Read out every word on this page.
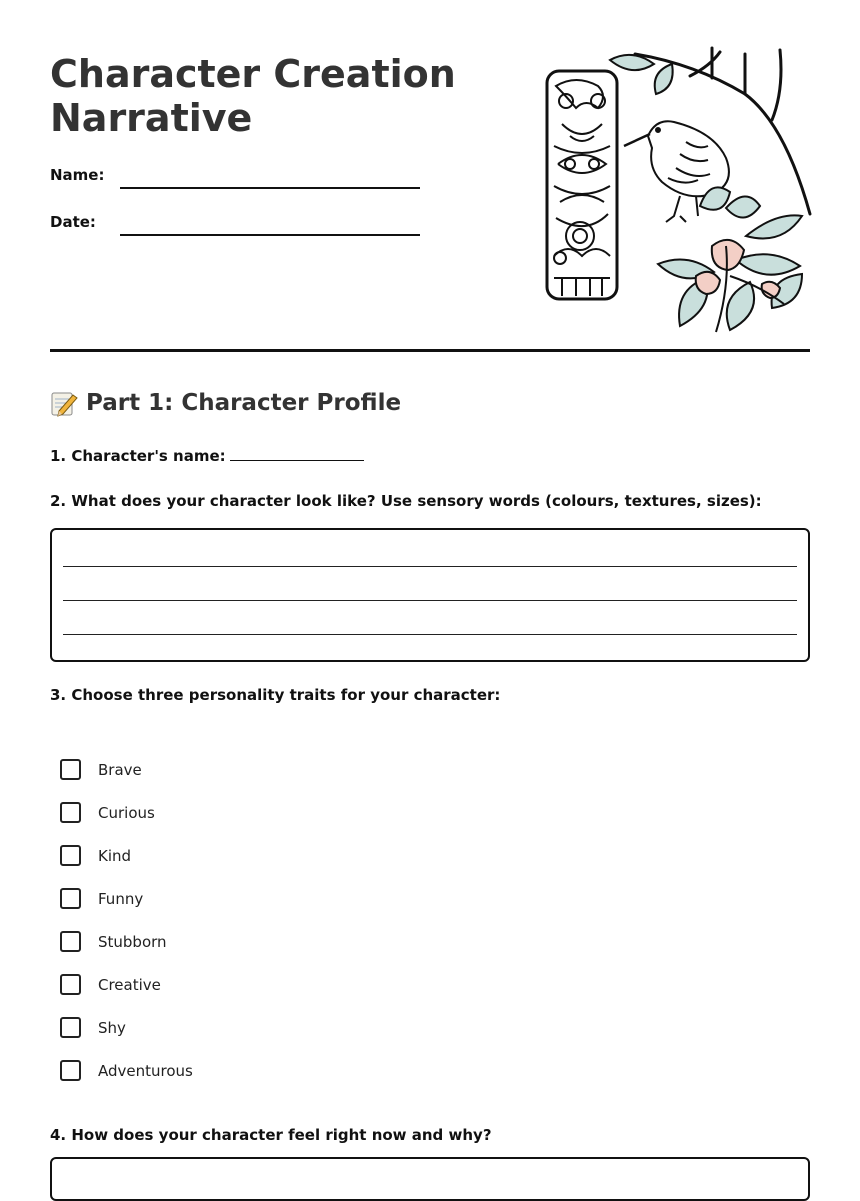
Character Creation
Narrative
Name:
Date:
Part 1: Character Profile
1. Character's name:
2. What does your character look like? Use sensory words (colours, textures, sizes):
3. Choose three personality traits for your character:
Brave
Curious
Kind
Funny
Stubborn
Creative
Shy
Adventurous
4. How does your character feel right now and why?
